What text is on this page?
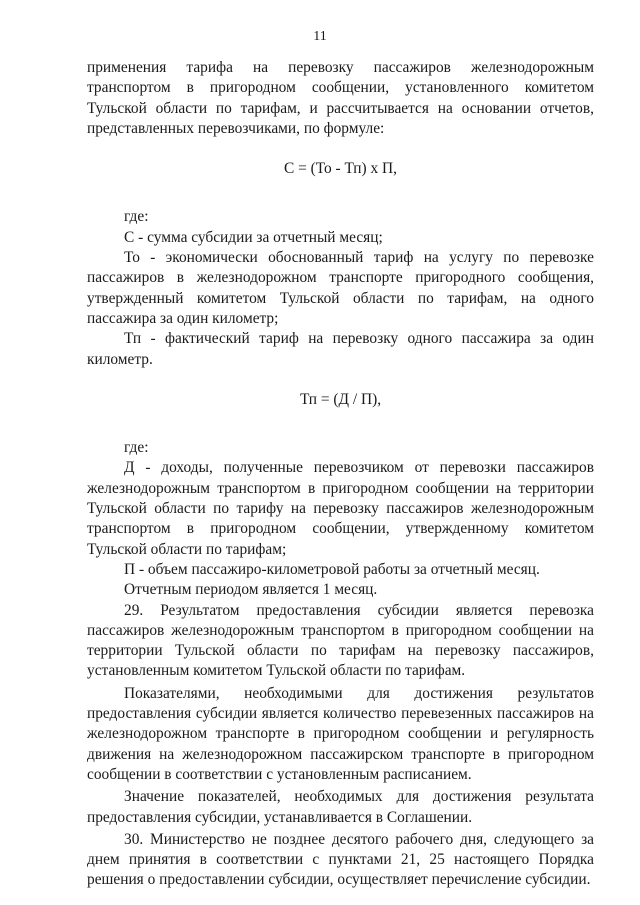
11

применения тарифа на перевозку пассажиров железнодорожным транспортом в пригородном сообщении, установленного комитетом Тульской области по тарифам, и рассчитывается на основании отчетов, представленных перевозчиками, по формуле:

С = (То - Тп) х П,

где:

С - сумма субсидии за отчетный месяц;

То - экономически обоснованный тариф на услугу по перевозке пассажиров в железнодорожном транспорте пригородного сообщения, утвержденный комитетом Тульской области по тарифам, на одного пассажира за один километр;

Тп - фактический тариф на перевозку одного пассажира за один километр.

Тп = (Д / П),

где:

Д - доходы, полученные перевозчиком от перевозки пассажиров железнодорожным транспортом в пригородном сообщении на территории Тульской области по тарифу на перевозку пассажиров железнодорожным транспортом в пригородном сообщении, утвержденному комитетом Тульской области по тарифам;

П - объем пассажиро-километровой работы за отчетный месяц.

Отчетным периодом является 1 месяц.

29. Результатом предоставления субсидии является перевозка пассажиров железнодорожным транспортом в пригородном сообщении на территории Тульской области по тарифам на перевозку пассажиров, установленным комитетом Тульской области по тарифам.

Показателями, необходимыми для достижения результатов предоставления субсидии является количество перевезенных пассажиров на железнодорожном транспорте в пригородном сообщении и регулярность движения на железнодорожном пассажирском транспорте в пригородном сообщении в соответствии с установленным расписанием.

Значение показателей, необходимых для достижения результата предоставления субсидии, устанавливается в Соглашении.

30. Министерство не позднее десятого рабочего дня, следующего за днем принятия в соответствии с пунктами 21, 25 настоящего Порядка решения о предоставлении субсидии, осуществляет перечисление субсидии.
